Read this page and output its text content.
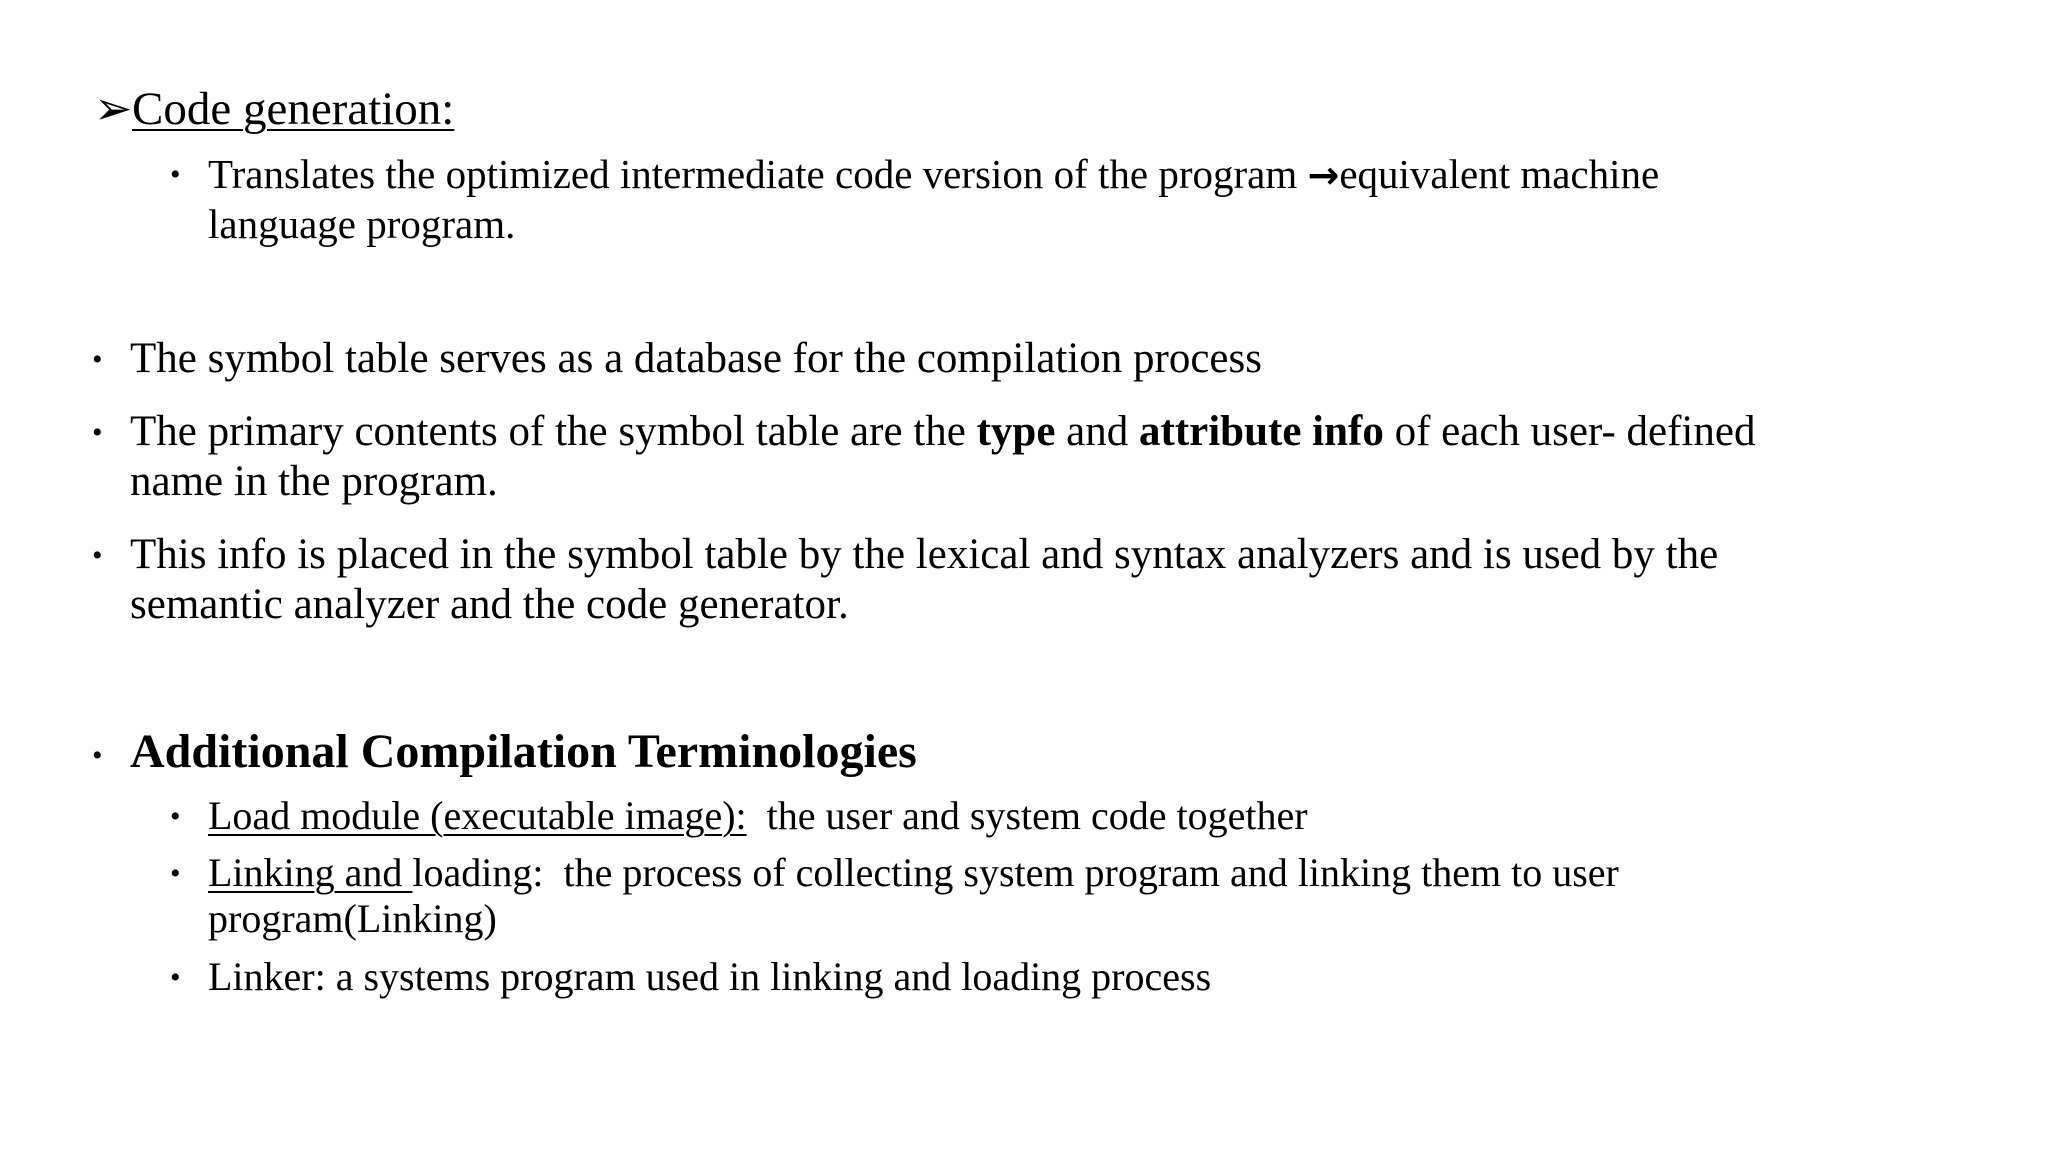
➢ Code generation:
• Translates the optimized intermediate code version of the program →equivalent machine
language program.
• The symbol table serves as a database for the compilation process
• The primary contents of the symbol table are the type and attribute info of each user- defined
name in the program.
• This info is placed in the symbol table by the lexical and syntax analyzers and is used by the
semantic analyzer and the code generator.
• Additional Compilation Terminologies
• Load module (executable image):  the user and system code together
• Linking and loading:  the process of collecting system program and linking them to user
program(Linking)
• Linker: a systems program used in linking and loading process
